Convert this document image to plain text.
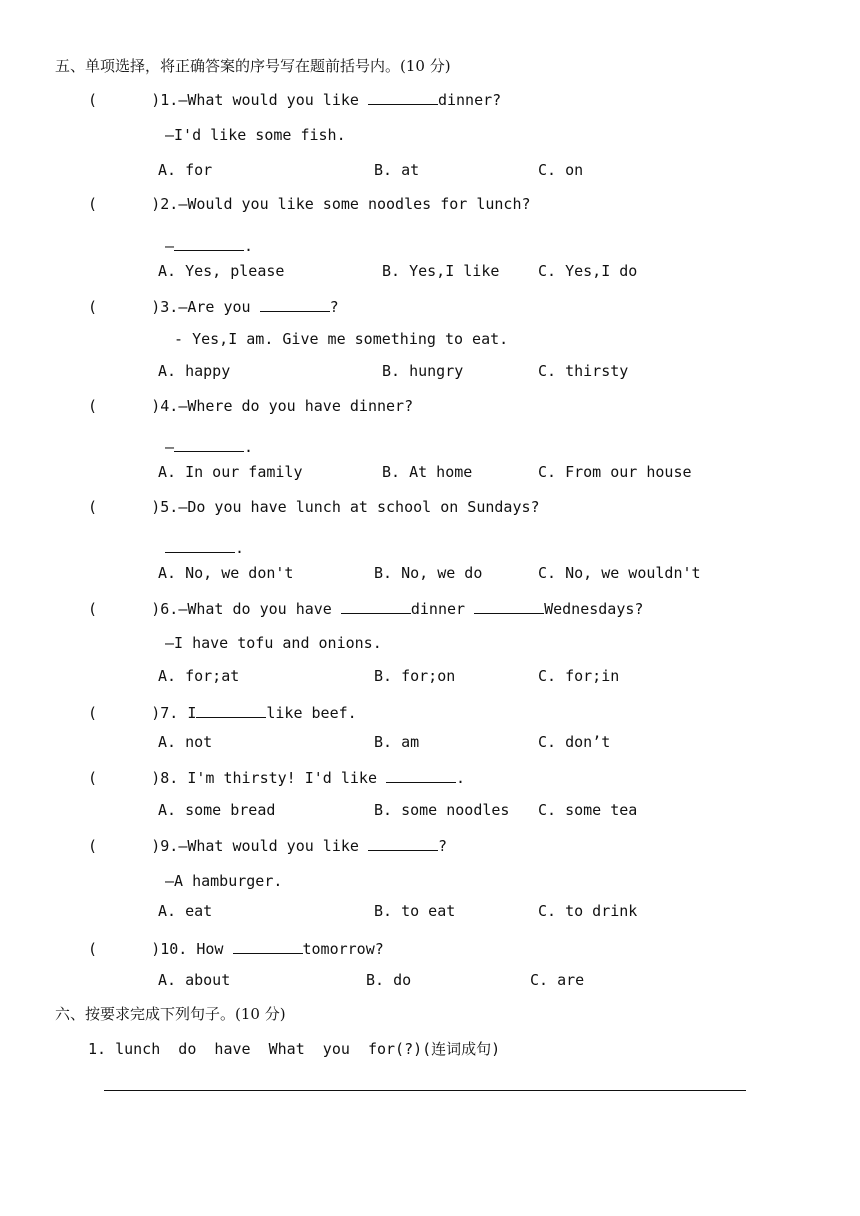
五、单项选择，将正确答案的序号写在题前括号内。(10 分)
(      )1.—What would you like	dinner?
—I'd like some fish.
A. for	B. at	C. on
(      )2.—Would you like some noodles for lunch?
—	.
A. Yes, please	B. Yes,I like	C. Yes,I do
(      )3.—Are you	?
- Yes,I am. Give me something to eat.
A. happy	B. hungry	C. thirsty
(      )4.—Where do you have dinner?
—	.
A. In our family	B. At home	C. From our house
(      )5.—Do you have lunch at school on Sundays?
.
A. No, we don't	B. No, we do	C. No, we wouldn't
(      )6.—What do you have	dinner	Wednesdays?
—I have tofu and onions.
A. for;at	B. for;on	C. for;in
(      )7. I	like beef.
A. not	B. am	C. don’t
(      )8. I'm thirsty! I'd like	.
A. some bread	B. some noodles C. some tea
(      )9.—What would you like	?
—A hamburger.
A. eat	B. to eat	C. to drink
(      )10. How	tomorrow?
A. about	B. do	C. are
六、按要求完成下列句子。(10 分)
1. lunch  do  have  What  you  for(?)(连词成句)
